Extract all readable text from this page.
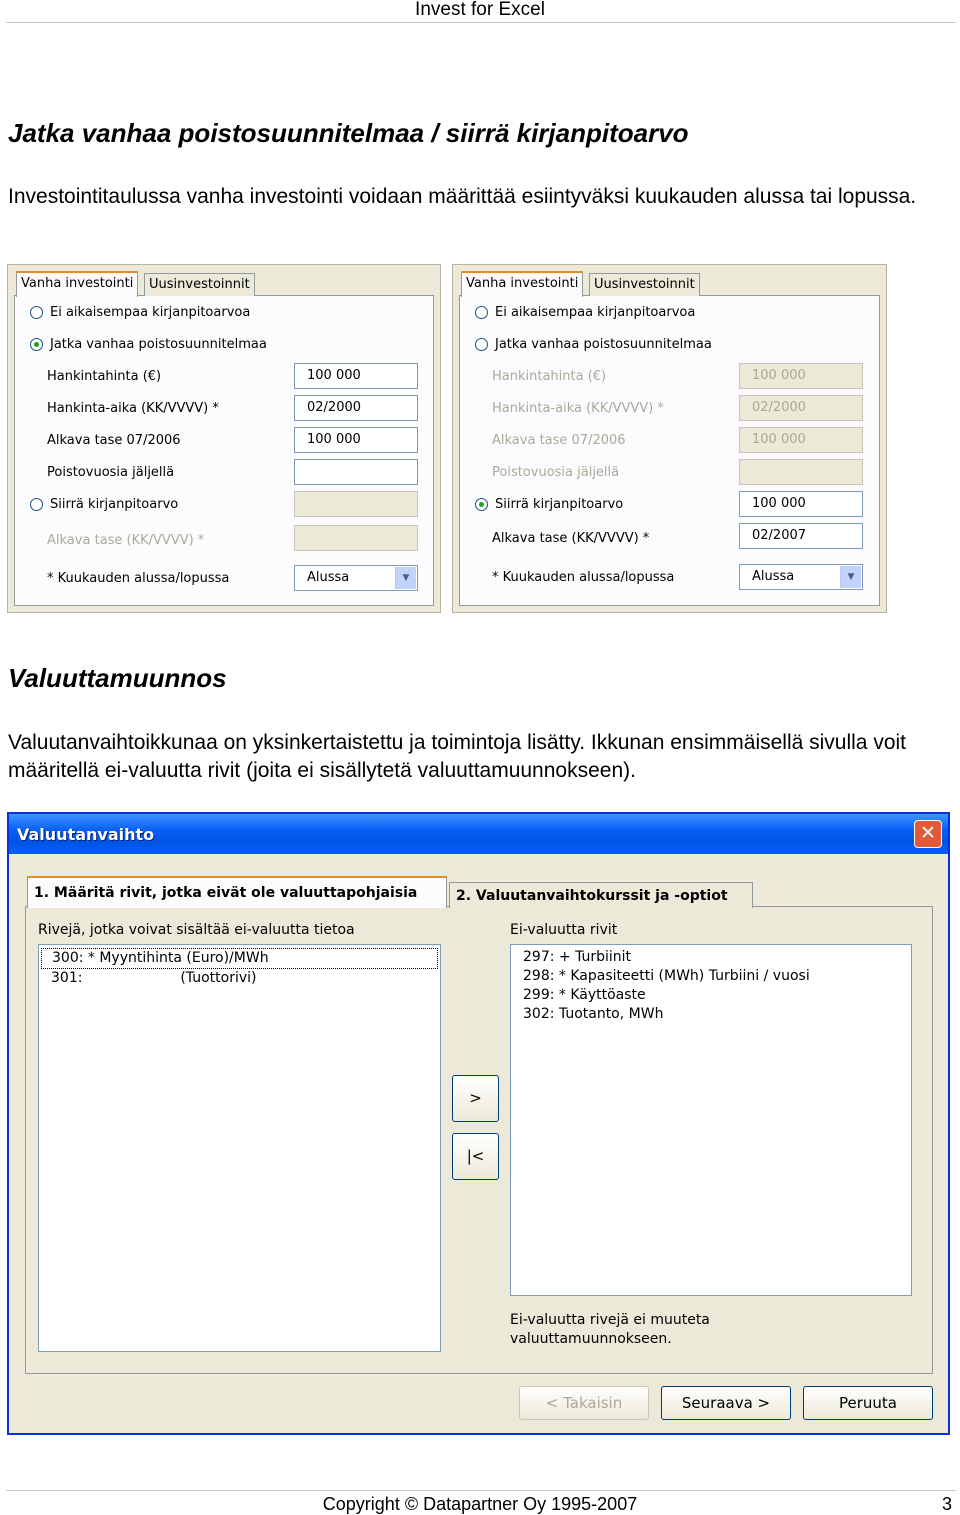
Invest for Excel
Jatka vanhaa poistosuunnitelmaa / siirrä kirjanpitoarvo

Investointitaulussa vanha investointi voidaan määrittää esiintyväksi kuukauden alussa tai lopussa.

Vanha investointi	Uusinvestoinnit
Ei aikaisempaa kirjanpitoarvoa
Jatka vanhaa poistosuunnitelmaa
Hankintahinta (€)	100 000
Hankinta-aika (KK/VVVV) *	02/2000
Alkava tase 07/2006	100 000
Poistovuosia jäljellä
Siirrä kirjanpitoarvo
Alkava tase (KK/VVVV) *
* Kuukauden alussa/lopussa	Alussa	▼
Vanha investointi	Uusinvestoinnit
Ei aikaisempaa kirjanpitoarvoa
Jatka vanhaa poistosuunnitelmaa
Hankintahinta (€)	100 000
Hankinta-aika (KK/VVVV) *	02/2000
Alkava tase 07/2006	100 000
Poistovuosia jäljellä
Siirrä kirjanpitoarvo	100 000
Alkava tase (KK/VVVV) *	02/2007
* Kuukauden alussa/lopussa	Alussa	▼
Valuuttamuunnos

Valuutanvaihtoikkunaa on yksinkertaistettu ja toimintoja lisätty. Ikkunan ensimmäisellä sivulla voit määritellä ei-valuutta rivit (joita ei sisällytetä valuuttamuunnokseen).

Valuutanvaihto	✕
1. Määritä rivit, jotka eivät ole valuuttapohjaisia	2. Valuutanvaihtokurssit ja -optiot
Rivejä, jotka voivat sisältää ei-valuutta tietoa
300: * Myyntihinta (Euro)/MWh
301:                      (Tuottorivi)
>
|<
Ei-valuutta rivit
297: + Turbiinit
298: * Kapasiteetti (MWh) Turbiini / vuosi
299: * Käyttöaste
302: Tuotanto, MWh
Ei-valuutta rivejä ei muuteta valuuttamuunnokseen.
< Takaisin	Seuraava >	Peruuta
Copyright © Datapartner Oy 1995-2007	3
